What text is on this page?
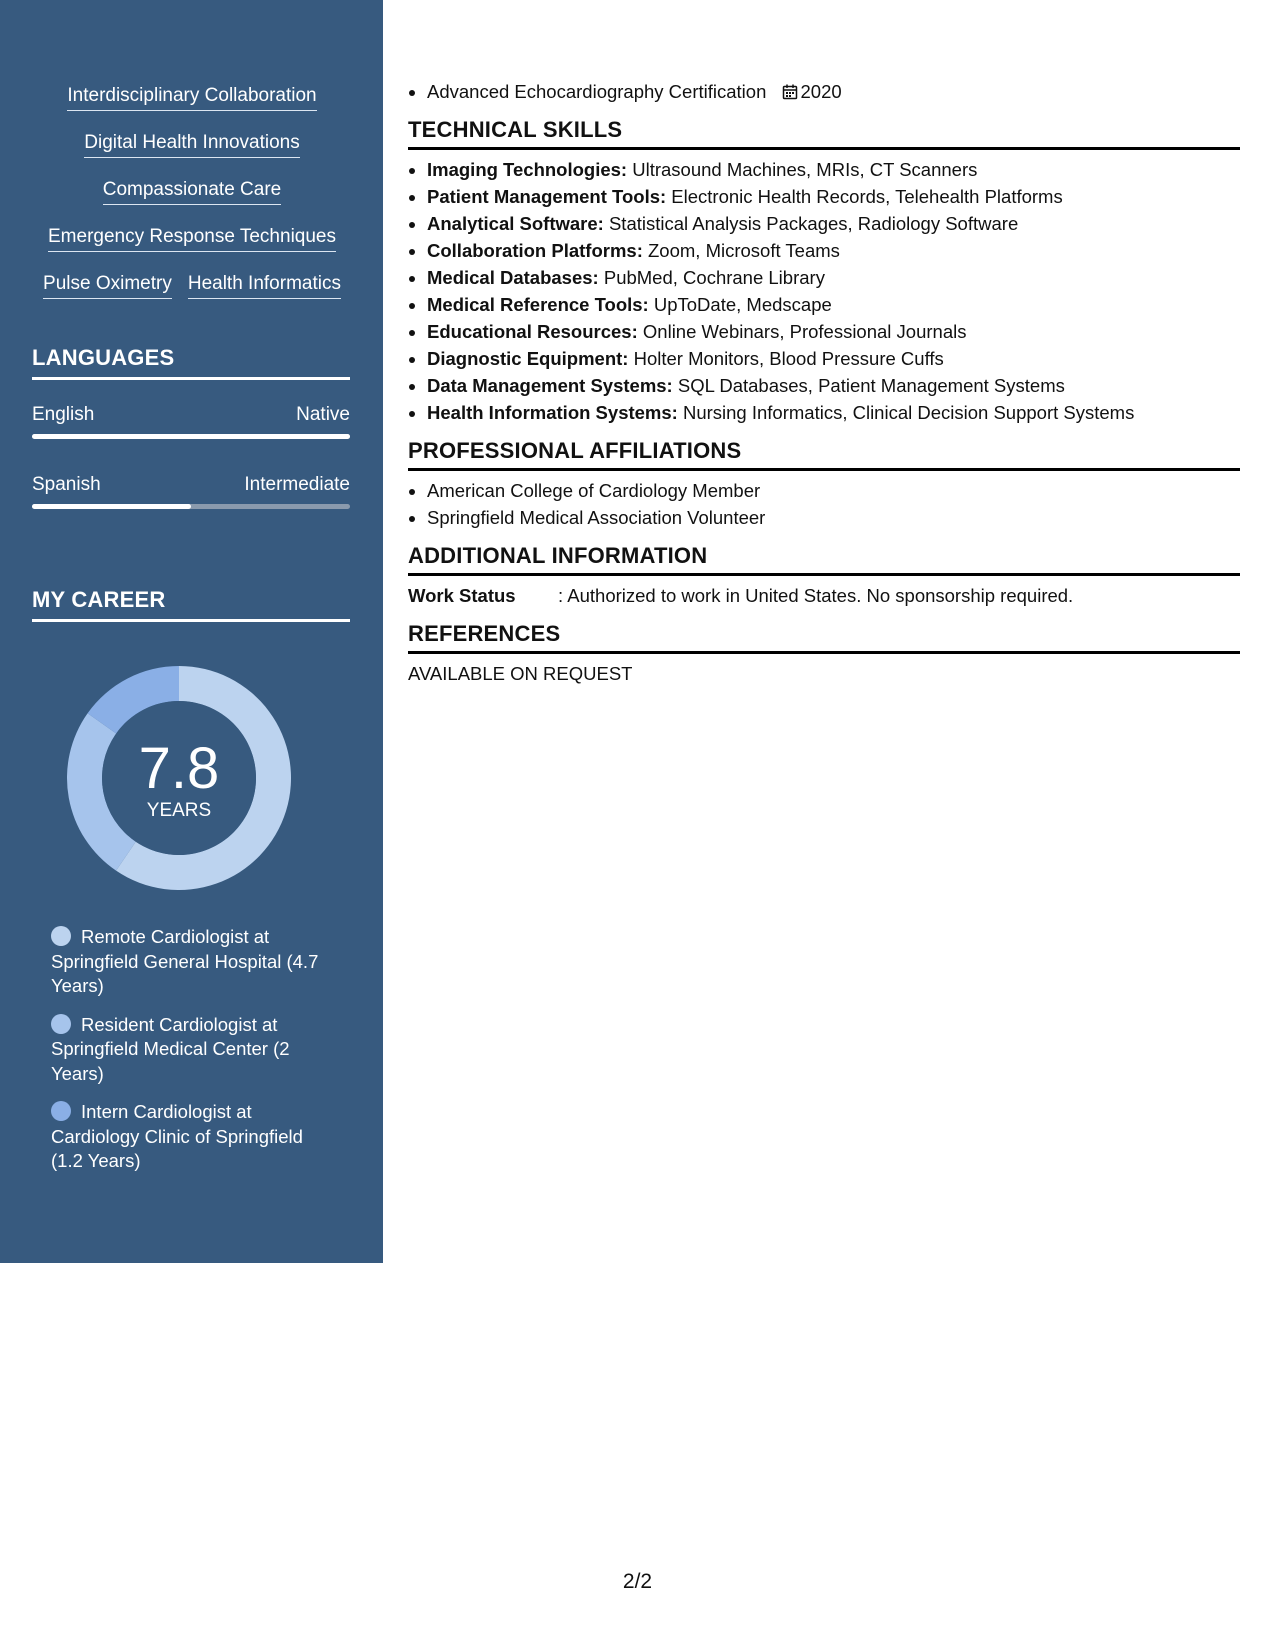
Interdisciplinary Collaboration
Digital Health Innovations
Compassionate Care
Emergency Response Techniques
Pulse Oximetry Health Informatics
LANGUAGES
English	Native
Spanish	Intermediate
MY CAREER
7.8
YEARS
Remote Cardiologist at Springfield General Hospital (4.7 Years)
Resident Cardiologist at Springfield Medical Center (2 Years)
Intern Cardiologist at Cardiology Clinic of Springfield (1.2 Years)
• Advanced Echocardiography Certification 2020
TECHNICAL SKILLS
• Imaging Technologies: Ultrasound Machines, MRIs, CT Scanners
• Patient Management Tools: Electronic Health Records, Telehealth Platforms
• Analytical Software: Statistical Analysis Packages, Radiology Software
• Collaboration Platforms: Zoom, Microsoft Teams
• Medical Databases: PubMed, Cochrane Library
• Medical Reference Tools: UpToDate, Medscape
• Educational Resources: Online Webinars, Professional Journals
• Diagnostic Equipment: Holter Monitors, Blood Pressure Cuffs
• Data Management Systems: SQL Databases, Patient Management Systems
• Health Information Systems: Nursing Informatics, Clinical Decision Support Systems
PROFESSIONAL AFFILIATIONS
• American College of Cardiology Member
• Springfield Medical Association Volunteer
ADDITIONAL INFORMATION
Work Status	: Authorized to work in United States. No sponsorship required.
REFERENCES
AVAILABLE ON REQUEST
2/2
